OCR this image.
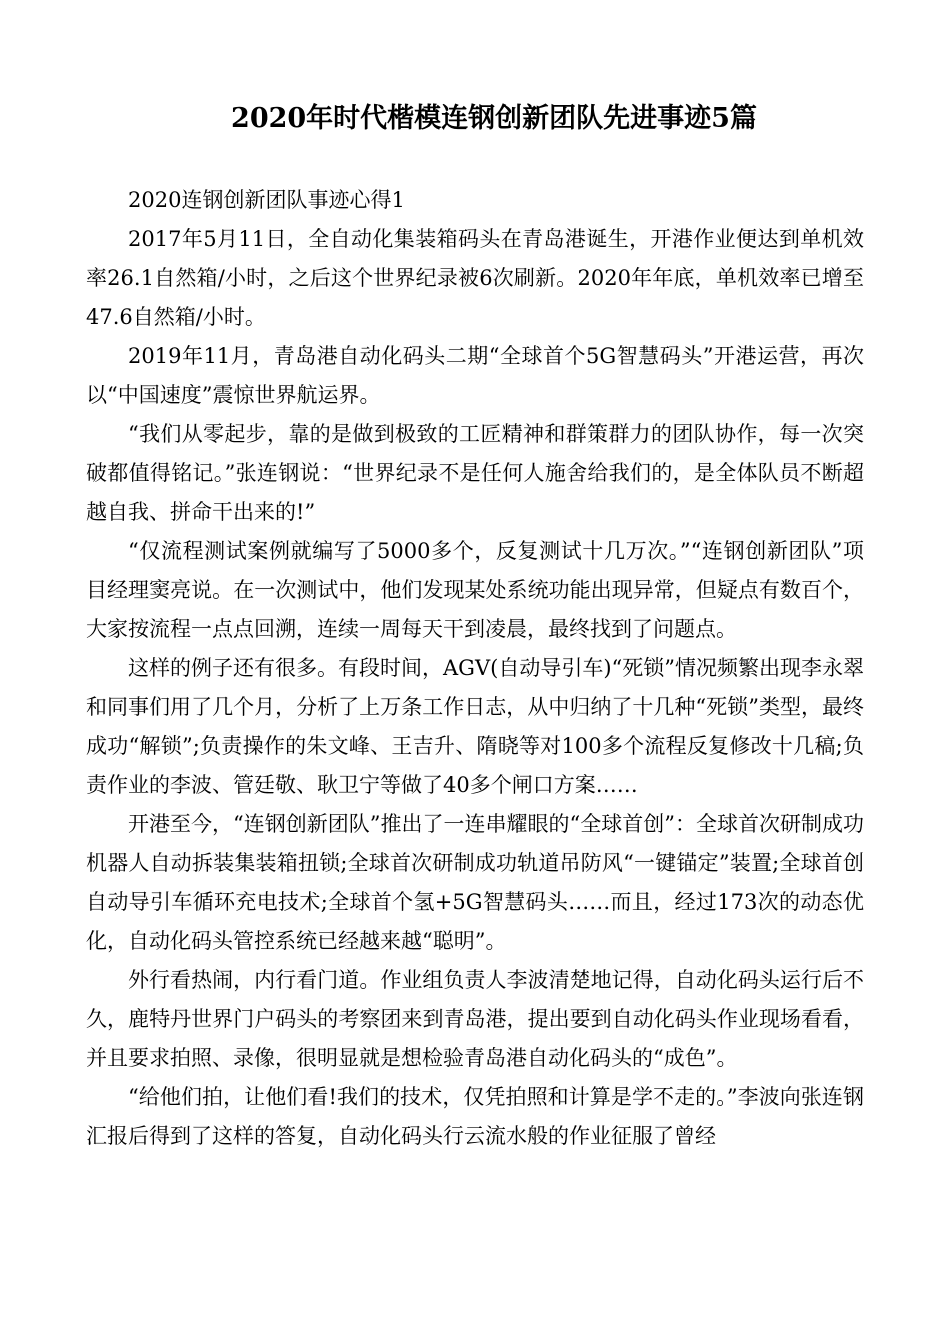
2020年时代楷模连钢创新团队先进事迹5篇

2020连钢创新团队事迹心得1

2017年5月11日，全自动化集装箱码头在青岛港诞生，开港作业便达到单机效率26.1自然箱/小时，之后这个世界纪录被6次刷新。2020年年底，单机效率已增至47.6自然箱/小时。

2019年11月，青岛港自动化码头二期“全球首个5G智慧码头”开港运营，再次以“中国速度”震惊世界航运界。

“我们从零起步，靠的是做到极致的工匠精神和群策群力的团队协作，每一次突破都值得铭记。”张连钢说：“世界纪录不是任何人施舍给我们的，是全体队员不断超越自我、拼命干出来的!”

“仅流程测试案例就编写了5000多个，反复测试十几万次。”“连钢创新团队”项目经理窦亮说。在一次测试中，他们发现某处系统功能出现异常，但疑点有数百个，大家按流程一点点回溯，连续一周每天干到凌晨，最终找到了问题点。

这样的例子还有很多。有段时间，AGV(自动导引车)“死锁”情况频繁出现李永翠和同事们用了几个月，分析了上万条工作日志，从中归纳了十几种“死锁”类型，最终成功“解锁”;负责操作的朱文峰、王吉升、隋晓等对100多个流程反复修改十几稿;负责作业的李波、管廷敬、耿卫宁等做了40多个闸口方案……

开港至今，“连钢创新团队”推出了一连串耀眼的“全球首创”：全球首次研制成功机器人自动拆装集装箱扭锁;全球首次研制成功轨道吊防风“一键锚定”装置;全球首创自动导引车循环充电技术;全球首个氢+5G智慧码头……而且，经过173次的动态优化，自动化码头管控系统已经越来越“聪明”。

外行看热闹，内行看门道。作业组负责人李波清楚地记得，自动化码头运行后不久，鹿特丹世界门户码头的考察团来到青岛港，提出要到自动化码头作业现场看看，并且要求拍照、录像，很明显就是想检验青岛港自动化码头的“成色”。

“给他们拍，让他们看!我们的技术，仅凭拍照和计算是学不走的。”李波向张连钢汇报后得到了这样的答复，自动化码头行云流水般的作业征服了曾经
